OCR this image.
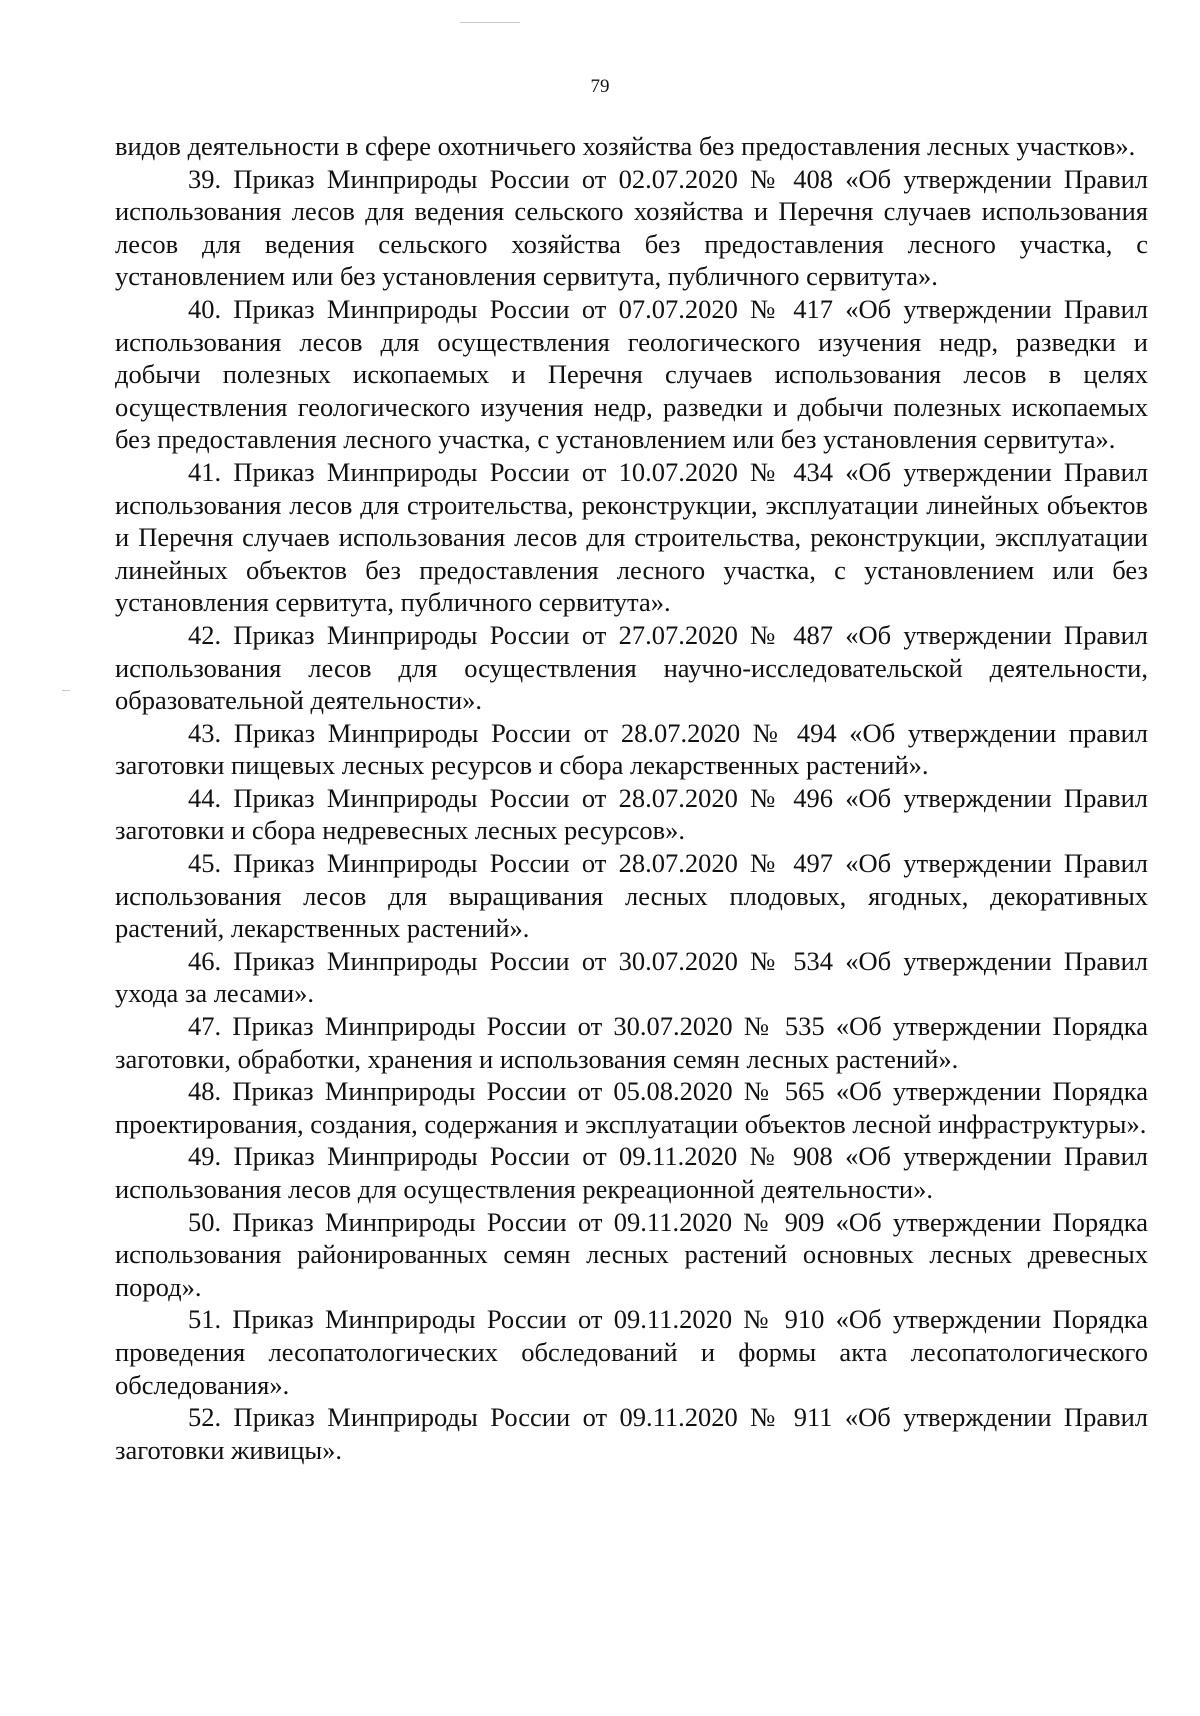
79

видов деятельности в сфере охотничьего хозяйства без предоставления лесных участков».

39. Приказ Минприроды России от 02.07.2020 № 408 «Об утверждении Правил использования лесов для ведения сельского хозяйства и Перечня случаев использования лесов для ведения сельского хозяйства без предоставления лесного участка, с установлением или без установления сервитута, публичного сервитута».

40. Приказ Минприроды России от 07.07.2020 № 417 «Об утверждении Правил использования лесов для осуществления геологического изучения недр, разведки и добычи полезных ископаемых и Перечня случаев использования лесов в целях осуществления геологического изучения недр, разведки и добычи полезных ископаемых без предоставления лесного участка, с установлением или без установления сервитута».

41. Приказ Минприроды России от 10.07.2020 № 434 «Об утверждении Правил использования лесов для строительства, реконструкции, эксплуатации линейных объектов и Перечня случаев использования лесов для строительства, реконструкции, эксплуатации линейных объектов без предоставления лесного участка, с установлением или без установления сервитута, публичного сервитута».

42. Приказ Минприроды России от 27.07.2020 № 487 «Об утверждении Правил использования лесов для осуществления научно-исследовательской деятельности, образовательной деятельности».

43. Приказ Минприроды России от 28.07.2020 № 494 «Об утверждении правил заготовки пищевых лесных ресурсов и сбора лекарственных растений».

44. Приказ Минприроды России от 28.07.2020 № 496 «Об утверждении Правил заготовки и сбора недревесных лесных ресурсов».

45. Приказ Минприроды России от 28.07.2020 № 497 «Об утверждении Правил использования лесов для выращивания лесных плодовых, ягодных, декоративных растений, лекарственных растений».

46. Приказ Минприроды России от 30.07.2020 № 534 «Об утверждении Правил ухода за лесами».

47. Приказ Минприроды России от 30.07.2020 № 535 «Об утверждении Порядка заготовки, обработки, хранения и использования семян лесных растений».

48. Приказ Минприроды России от 05.08.2020 № 565 «Об утверждении Порядка проектирования, создания, содержания и эксплуатации объектов лесной инфраструктуры».

49. Приказ Минприроды России от 09.11.2020 № 908 «Об утверждении Правил использования лесов для осуществления рекреационной деятельности».

50. Приказ Минприроды России от 09.11.2020 № 909 «Об утверждении Порядка использования районированных семян лесных растений основных лесных древесных пород».

51. Приказ Минприроды России от 09.11.2020 № 910 «Об утверждении Порядка проведения лесопатологических обследований и формы акта лесопатологического обследования».

52. Приказ Минприроды России от 09.11.2020 № 911 «Об утверждении Правил заготовки живицы».
